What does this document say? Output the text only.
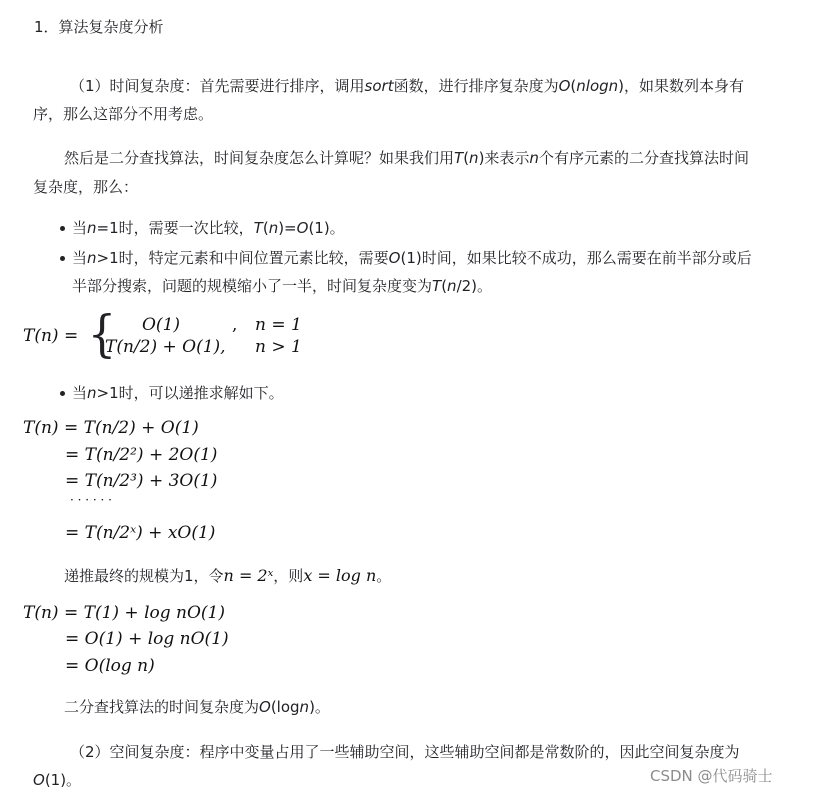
1．算法复杂度分析
（1）时间复杂度：首先需要进行排序，调用sort函数，进行排序复杂度为O(nlogn)，如果数列本身有
序，那么这部分不用考虑。
然后是二分查找算法，时间复杂度怎么计算呢？如果我们用T(n)来表示n个有序元素的二分查找算法时间
复杂度，那么：
当n=1时，需要一次比较，T(n)=O(1)。
当n>1时，特定元素和中间位置元素比较，需要O(1)时间，如果比较不成功，那么需要在前半部分或后
半部分搜索，问题的规模缩小了一半，时间复杂度变为T(n/2)。
T(n) = { O(1)	, n = 1
T(n/2) + O(1), n > 1
当n>1时，可以递推求解如下。
T(n) = T(n/2) + O(1)
= T(n/2²) + 2O(1)
= T(n/2³) + 3O(1)
· · · · · ·
= T(n/2ˣ) + xO(1)
递推最终的规模为1，令n = 2ˣ，则x = log n。
T(n) = T(1) + log nO(1)
= O(1) + log nO(1)
= O(log n)
二分查找算法的时间复杂度为O(logn)。
（2）空间复杂度：程序中变量占用了一些辅助空间，这些辅助空间都是常数阶的，因此空间复杂度为
O(1)。	CSDN @代码骑士
